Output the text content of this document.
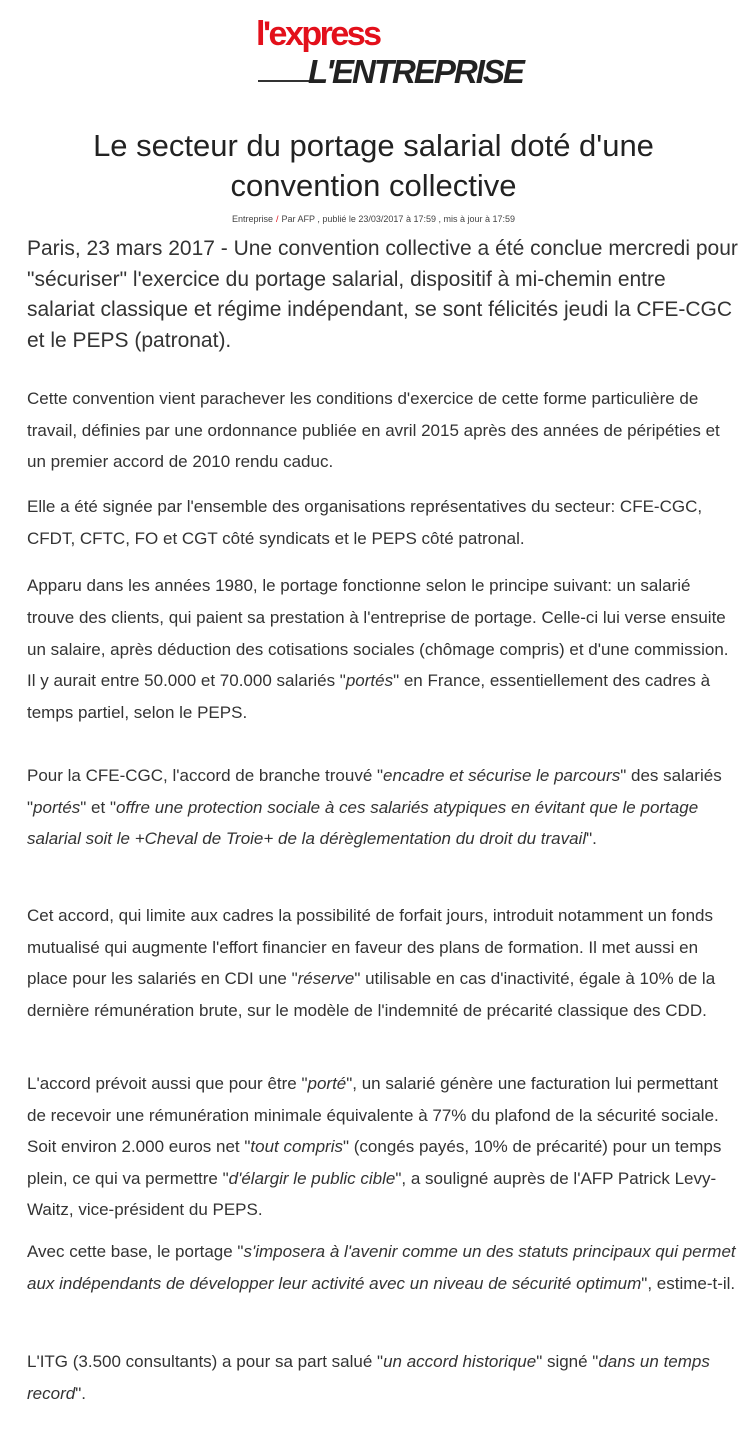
l'express
L'ENTREPRISE
Le secteur du portage salarial doté d'une convention collective
Entreprise / Par AFP , publié le 23/03/2017 à 17:59 , mis à jour à 17:59

Paris, 23 mars 2017 - Une convention collective a été conclue mercredi pour "sécuriser" l'exercice du portage salarial, dispositif à mi-chemin entre salariat classique et régime indépendant, se sont félicités jeudi la CFE-CGC et le PEPS (patronat).

Cette convention vient parachever les conditions d'exercice de cette forme particulière de travail, définies par une ordonnance publiée en avril 2015 après des années de péripéties et un premier accord de 2010 rendu caduc.

Elle a été signée par l'ensemble des organisations représentatives du secteur: CFE-CGC, CFDT, CFTC, FO et CGT côté syndicats et le PEPS côté patronal.

Apparu dans les années 1980, le portage fonctionne selon le principe suivant: un salarié trouve des clients, qui paient sa prestation à l'entreprise de portage. Celle-ci lui verse ensuite un salaire, après déduction des cotisations sociales (chômage compris) et d'une commission. Il y aurait entre 50.000 et 70.000 salariés "portés" en France, essentiellement des cadres à temps partiel, selon le PEPS.

Pour la CFE-CGC, l'accord de branche trouvé "encadre et sécurise le parcours" des salariés "portés" et "offre une protection sociale à ces salariés atypiques en évitant que le portage salarial soit le +Cheval de Troie+ de la dérèglementation du droit du travail".

Cet accord, qui limite aux cadres la possibilité de forfait jours, introduit notamment un fonds mutualisé qui augmente l'effort financier en faveur des plans de formation. Il met aussi en place pour les salariés en CDI une "réserve" utilisable en cas d'inactivité, égale à 10% de la dernière rémunération brute, sur le modèle de l'indemnité de précarité classique des CDD.

L'accord prévoit aussi que pour être "porté", un salarié génère une facturation lui permettant de recevoir une rémunération minimale équivalente à 77% du plafond de la sécurité sociale. Soit environ 2.000 euros net "tout compris" (congés payés, 10% de précarité) pour un temps plein, ce qui va permettre "d'élargir le public cible", a souligné auprès de l'AFP Patrick Levy-Waitz, vice-président du PEPS.

Avec cette base, le portage "s'imposera à l'avenir comme un des statuts principaux qui permet aux indépendants de développer leur activité avec un niveau de sécurité optimum", estime-t-il.

L'ITG (3.500 consultants) a pour sa part salué "un accord historique" signé "dans un temps record".
